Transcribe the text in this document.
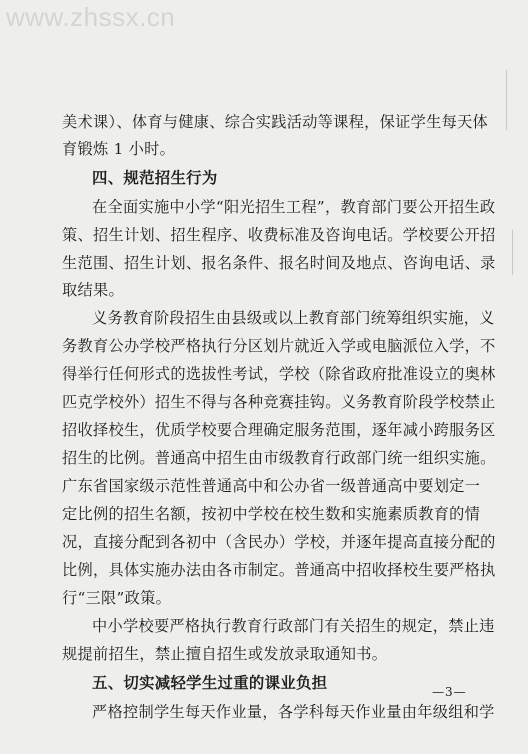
www.zhssx.cn
美术课）、体育与健康、综合实践活动等课程，保证学生每天体
育锻炼 1 小时。
四、规范招生行为
在全面实施中小学“阳光招生工程”，教育部门要公开招生政
策、招生计划、招生程序、收费标准及咨询电话。学校要公开招
生范围、招生计划、报名条件、报名时间及地点、咨询电话、录
取结果。
义务教育阶段招生由县级或以上教育部门统筹组织实施，义
务教育公办学校严格执行分区划片就近入学或电脑派位入学，不
得举行任何形式的选拔性考试，学校（除省政府批准设立的奥林
匹克学校外）招生不得与各种竞赛挂钩。义务教育阶段学校禁止
招收择校生，优质学校要合理确定服务范围，逐年减小跨服务区
招生的比例。普通高中招生由市级教育行政部门统一组织实施。
广东省国家级示范性普通高中和公办省一级普通高中要划定一
定比例的招生名额，按初中学校在校生数和实施素质教育的情
况，直接分配到各初中（含民办）学校，并逐年提高直接分配的
比例，具体实施办法由各市制定。普通高中招收择校生要严格执
行“三限”政策。
中小学校要严格执行教育行政部门有关招生的规定，禁止违
规提前招生，禁止擅自招生或发放录取通知书。
五、切实减轻学生过重的课业负担
严格控制学生每天作业量，各学科每天作业量由年级组和学
—3—
